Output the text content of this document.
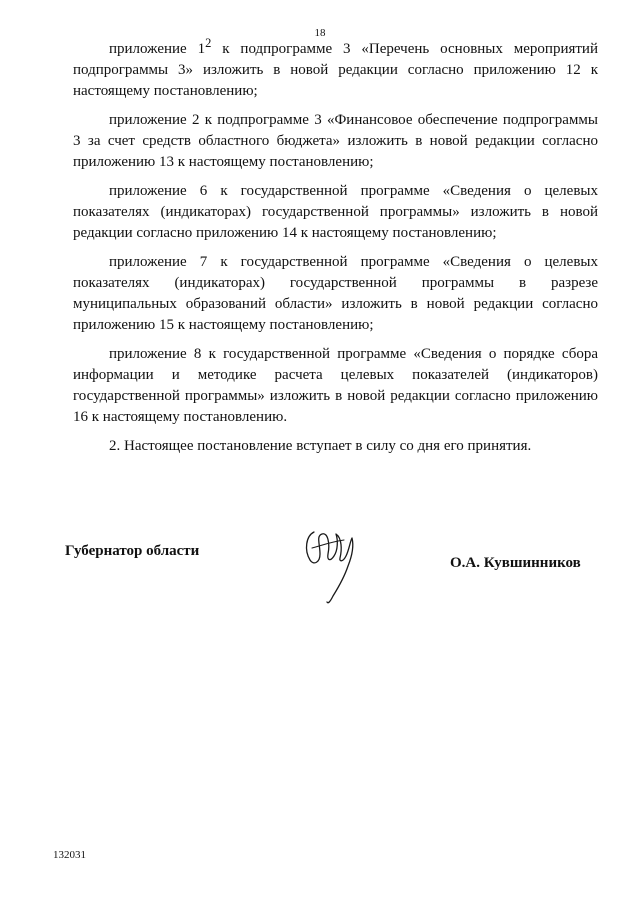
18

приложение $1^2$ к подпрограмме 3 «Перечень основных мероприятий подпрограммы 3» изложить в новой редакции согласно приложению 12 к настоящему постановлению;

приложение 2 к подпрограмме 3 «Финансовое обеспечение подпрограммы 3 за счет средств областного бюджета» изложить в новой редакции согласно приложению 13 к настоящему постановлению;

приложение 6 к государственной программе «Сведения о целевых показателях (индикаторах) государственной программы» изложить в новой редакции согласно приложению 14 к настоящему постановлению;

приложение 7 к государственной программе «Сведения о целевых показателях (индикаторах) государственной программы в разрезе муниципальных образований области» изложить в новой редакции согласно приложению 15 к настоящему постановлению;

приложение 8 к государственной программе «Сведения о порядке сбора информации и методике расчета целевых показателей (индикаторов) государственной программы» изложить в новой редакции согласно приложению 16 к настоящему постановлению.

2. Настоящее постановление вступает в силу со дня его принятия.

Губернатор области
О.А. Кувшинников
132031
